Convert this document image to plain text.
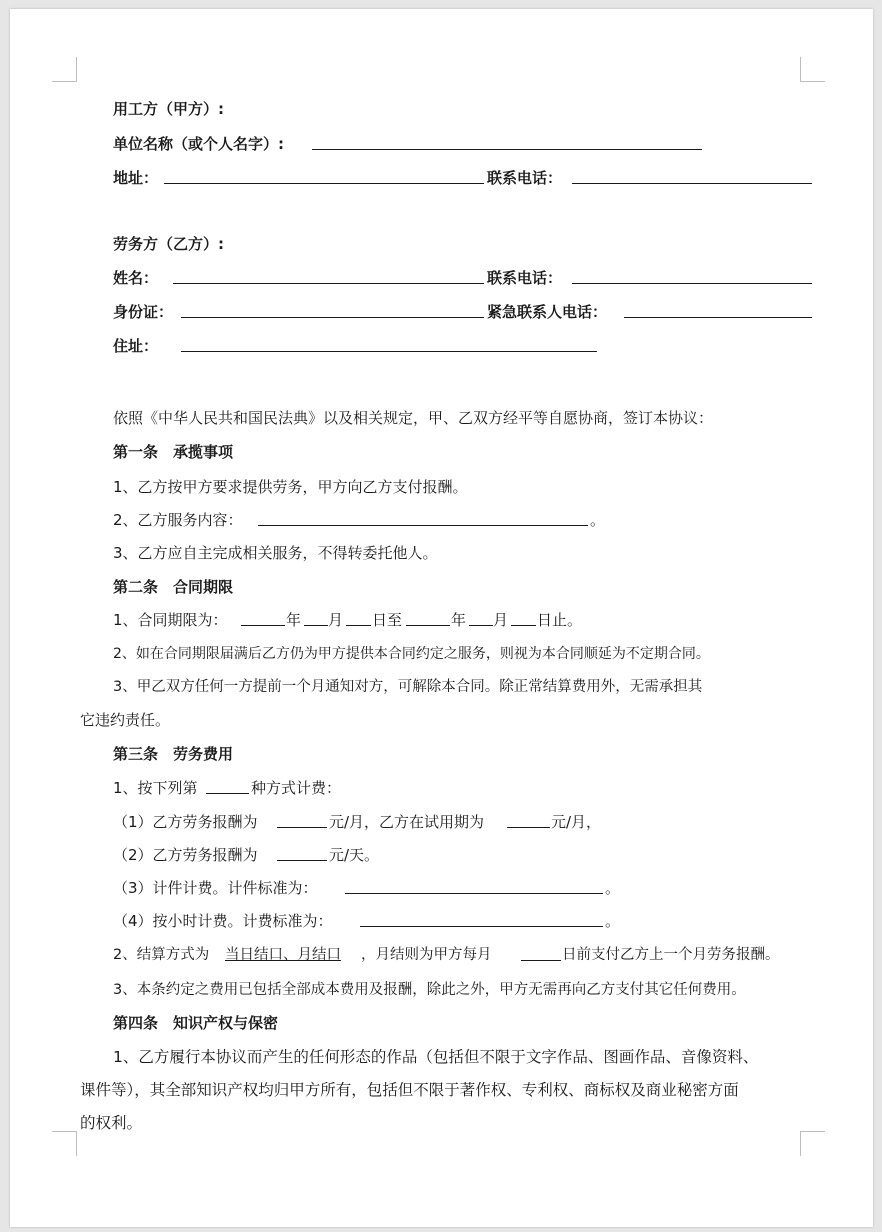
用工方（甲方）:
单位名称（或个人名字）:
地址：	联系电话：
劳务方（乙方）:
姓名：	联系电话：
身份证：	紧急联系人电话：
住址：
依照《中华人民共和国民法典》以及相关规定，甲、乙双方经平等自愿协商，签订本协议：
第一条　承揽事项
1、乙方按甲方要求提供劳务，甲方向乙方支付报酬。
2、乙方服务内容：	。
3、乙方应自主完成相关服务，不得转委托他人。
第二条　合同期限
1、合同期限为：	年 月 日至	年 月 日止。
2、如在合同期限届满后乙方仍为甲方提供本合同约定之服务，则视为本合同顺延为不定期合同。
3、甲乙双方任何一方提前一个月通知对方，可解除本合同。除正常结算费用外，无需承担其
它违约责任。
第三条　劳务费用
1、按下列第	种方式计费：
（1）乙方劳务报酬为	元/月，乙方在试用期为	元/月，
（2）乙方劳务报酬为	元/天。
（3）计件计费。计件标准为：	。
（4）按小时计费。计费标准为：	。
2、结算方式为 当日结口、月结口 ，月结则为甲方每月	日前支付乙方上一个月劳务报酬。
3、本条约定之费用已包括全部成本费用及报酬，除此之外，甲方无需再向乙方支付其它任何费用。
第四条　知识产权与保密
1、乙方履行本协议而产生的任何形态的作品（包括但不限于文字作品、图画作品、音像资料、
课件等），其全部知识产权均归甲方所有，包括但不限于著作权、专利权、商标权及商业秘密方面
的权利。
